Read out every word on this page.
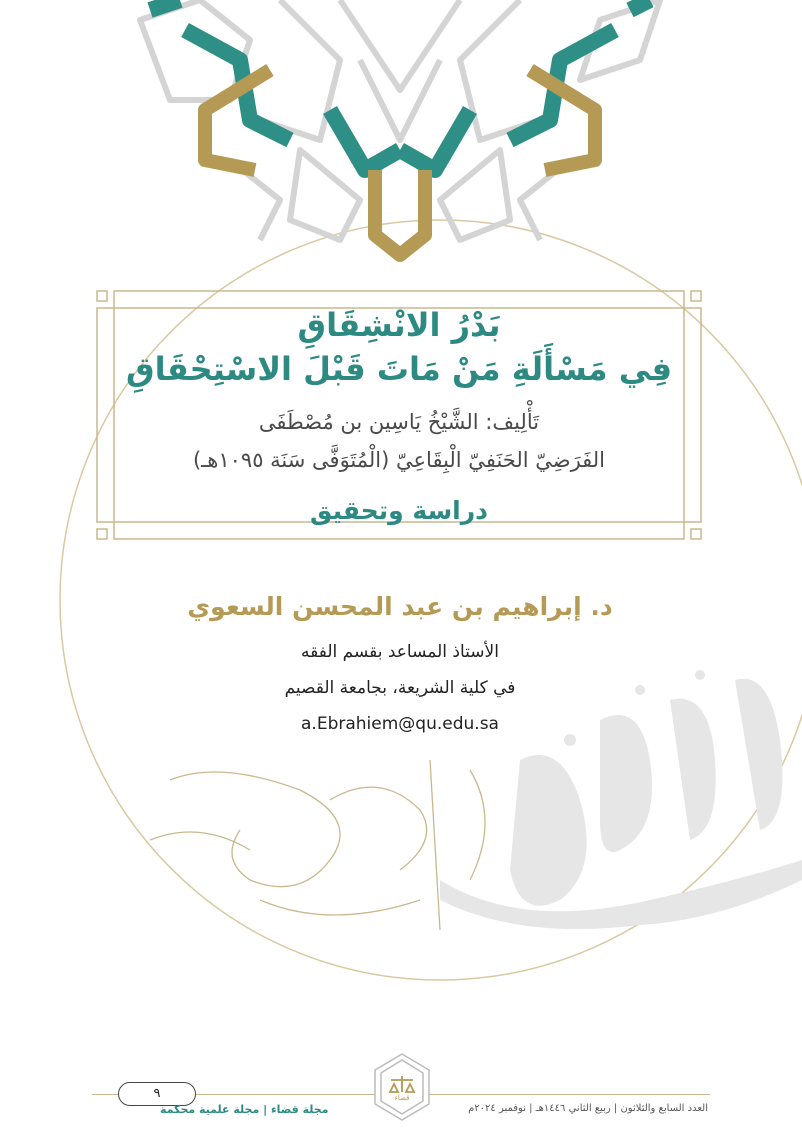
بَدْرُ الانْشِقَاقِ
فِي مَسْأَلَةِ مَنْ مَاتَ قَبْلَ الاسْتِحْقَاقِ
تَأْلِيف: الشَّيْخُ يَاسِين بن مُصْطَفَى
الفَرَضِيّ الحَنَفِيّ الْبِقَاعِيّ (الْمُتَوَفَّى سَنَة ١٠٩٥هـ)
دراسة وتحقيق
د. إبراهيم بن عبد المحسن السعوي
الأستاذ المساعد بقسم الفقه
في كلية الشريعة، بجامعة القصيم
a.Ebrahiem@qu.edu.sa
٩	قضاء
مجلة قضاء | مجلة علمية محكمة	العدد السابع والثلاثون | ربيع الثاني ١٤٤٦هـ | نوفمبر ٢٠٢٤م
